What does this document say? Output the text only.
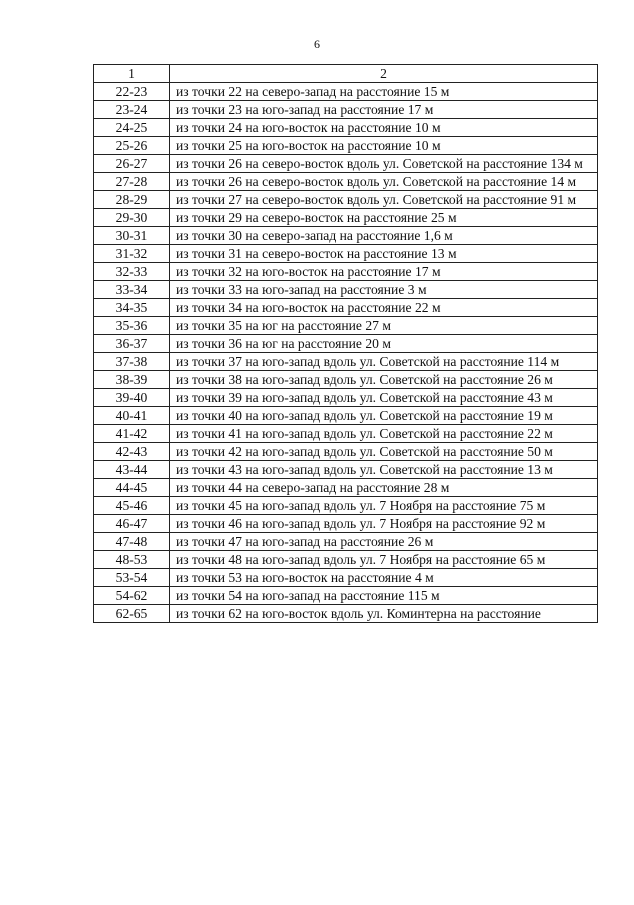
6
1	2
22-23	из точки 22 на северо-запад на расстояние 15 м
23-24	из точки 23 на юго-запад на расстояние 17 м
24-25	из точки 24 на юго-восток на расстояние 10 м
25-26	из точки 25 на юго-восток на расстояние 10 м
26-27	из точки 26 на северо-восток вдоль ул. Советской на расстояние 134 м
27-28	из точки 26 на северо-восток вдоль ул. Советской на расстояние 14 м
28-29	из точки 27 на северо-восток вдоль ул. Советской на расстояние 91 м
29-30	из точки 29 на северо-восток на расстояние 25 м
30-31	из точки 30 на северо-запад на расстояние 1,6 м
31-32	из точки 31 на северо-восток на расстояние 13 м
32-33	из точки 32 на юго-восток на расстояние 17 м
33-34	из точки 33 на юго-запад на расстояние 3 м
34-35	из точки 34 на юго-восток на расстояние 22 м
35-36	из точки 35 на юг на расстояние 27 м
36-37	из точки 36 на юг на расстояние 20 м
37-38	из точки 37 на юго-запад вдоль ул. Советской на расстояние 114 м
38-39	из точки 38 на юго-запад вдоль ул. Советской на расстояние 26 м
39-40	из точки 39 на юго-запад вдоль ул. Советской на расстояние 43 м
40-41	из точки 40 на юго-запад вдоль ул. Советской на расстояние 19 м
41-42	из точки 41 на юго-запад вдоль ул. Советской на расстояние 22 м
42-43	из точки 42 на юго-запад вдоль ул. Советской на расстояние 50 м
43-44	из точки 43 на юго-запад вдоль ул. Советской на расстояние 13 м
44-45	из точки 44 на северо-запад на расстояние 28 м
45-46	из точки 45 на юго-запад вдоль ул. 7 Ноября на расстояние 75 м
46-47	из точки 46 на юго-запад вдоль ул. 7 Ноября на расстояние 92 м
47-48	из точки 47 на юго-запад на расстояние 26 м
48-53	из точки 48 на юго-запад вдоль ул. 7 Ноября на расстояние 65 м
53-54	из точки 53 на юго-восток на расстояние 4 м
54-62	из точки 54 на юго-запад на расстояние 115 м
62-65	из точки 62 на юго-восток вдоль ул. Коминтерна на расстояние
